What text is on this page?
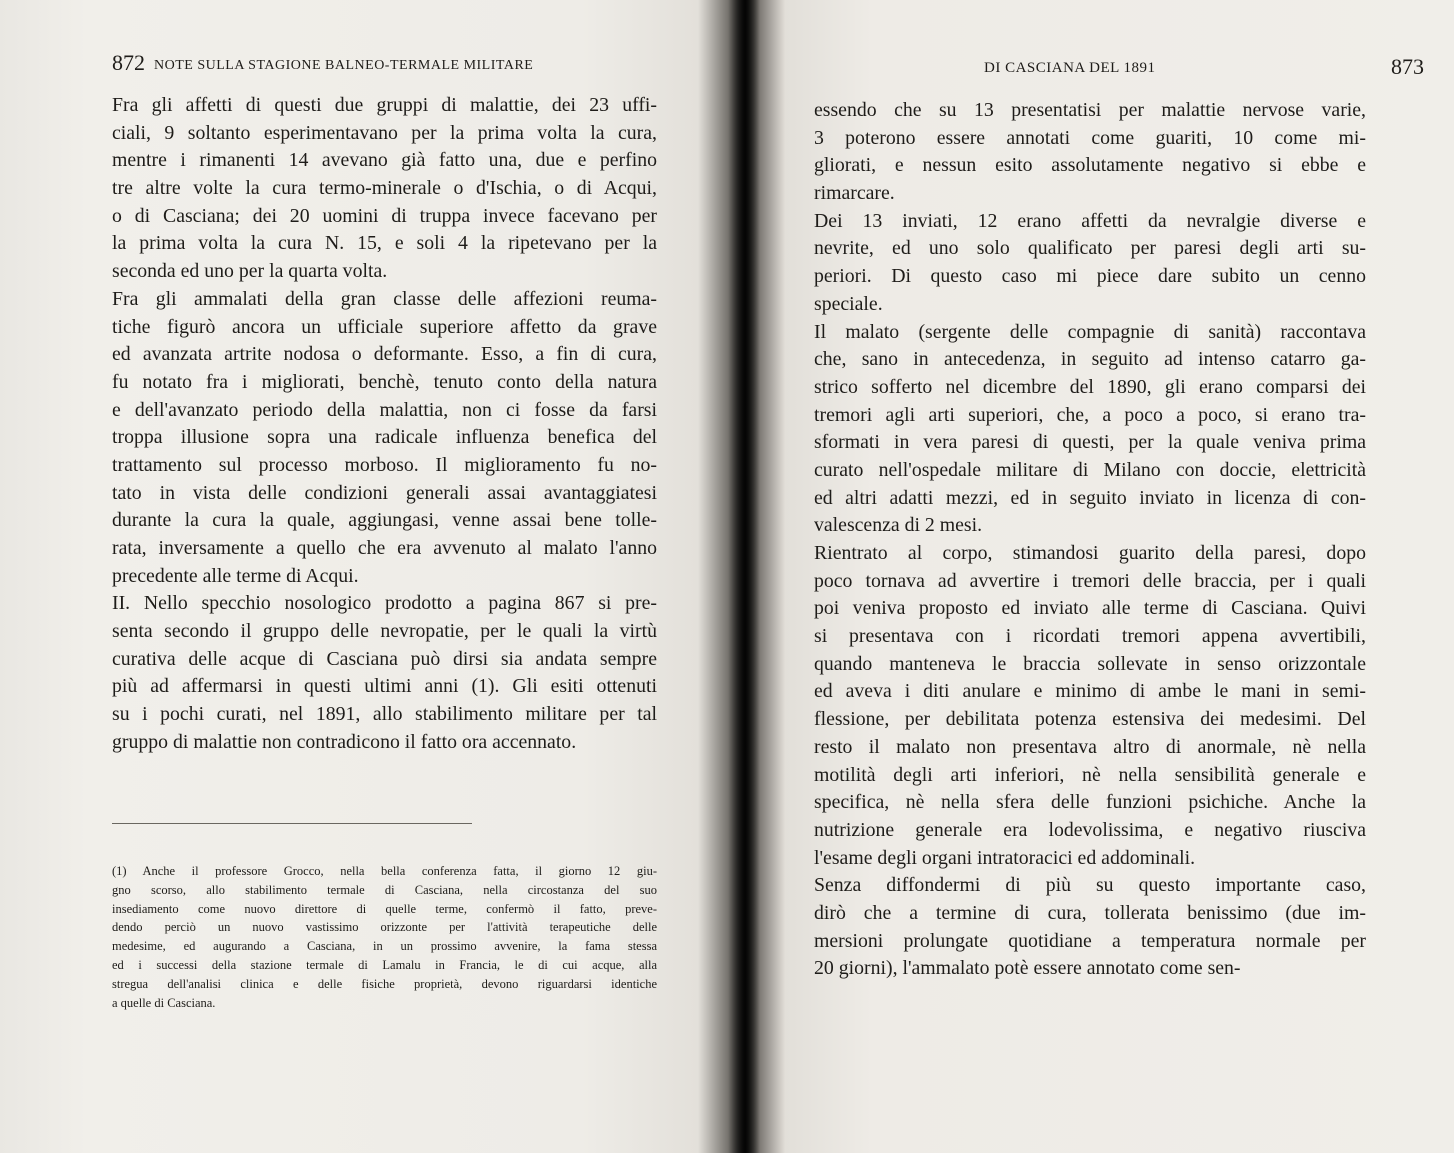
872 NOTE SULLA STAGIONE BALNEO-TERMALE MILITARE
Fra gli affetti di questi due gruppi di malattie, dei 23 uffi-
ciali, 9 soltanto esperimentavano per la prima volta la cura,
mentre i rimanenti 14 avevano già fatto una, due e perfino
tre altre volte la cura termo-minerale o d'Ischia, o di Acqui,
o di Casciana; dei 20 uomini di truppa invece facevano per
la prima volta la cura N. 15, e soli 4 la ripetevano per la
seconda ed uno per la quarta volta.
Fra gli ammalati della gran classe delle affezioni reuma-
tiche figurò ancora un ufficiale superiore affetto da grave
ed avanzata artrite nodosa o deformante. Esso, a fin di cura,
fu notato fra i migliorati, benchè, tenuto conto della natura
e dell'avanzato periodo della malattia, non ci fosse da farsi
troppa illusione sopra una radicale influenza benefica del
trattamento sul processo morboso. Il miglioramento fu no-
tato in vista delle condizioni generali assai avantaggiatesi
durante la cura la quale, aggiungasi, venne assai bene tolle-
rata, inversamente a quello che era avvenuto al malato l'anno
precedente alle terme di Acqui.
II. Nello specchio nosologico prodotto a pagina 867 si pre-
senta secondo il gruppo delle nevropatie, per le quali la virtù
curativa delle acque di Casciana può dirsi sia andata sempre
più ad affermarsi in questi ultimi anni (1). Gli esiti ottenuti
su i pochi curati, nel 1891, allo stabilimento militare per tal
gruppo di malattie non contradicono il fatto ora accennato.
(1) Anche il professore Grocco, nella bella conferenza fatta, il giorno 12 giu-
gno scorso, allo stabilimento termale di Casciana, nella circostanza del suo
insediamento come nuovo direttore di quelle terme, confermò il fatto, preve-
dendo perciò un nuovo vastissimo orizzonte per l'attività terapeutiche delle
medesime, ed augurando a Casciana, in un prossimo avvenire, la fama stessa
ed i successi della stazione termale di Lamalu in Francia, le di cui acque, alla
stregua dell'analisi clinica e delle fisiche proprietà, devono riguardarsi identiche
a quelle di Casciana.
DI CASCIANA DEL 1891	873
essendo che su 13 presentatisi per malattie nervose varie,
3 poterono essere annotati come guariti, 10 come mi-
gliorati, e nessun esito assolutamente negativo si ebbe e
rimarcare.
Dei 13 inviati, 12 erano affetti da nevralgie diverse e
nevrite, ed uno solo qualificato per paresi degli arti su-
periori. Di questo caso mi piece dare subito un cenno
speciale.
Il malato (sergente delle compagnie di sanità) raccontava
che, sano in antecedenza, in seguito ad intenso catarro ga-
strico sofferto nel dicembre del 1890, gli erano comparsi dei
tremori agli arti superiori, che, a poco a poco, si erano tra-
sformati in vera paresi di questi, per la quale veniva prima
curato nell'ospedale militare di Milano con doccie, elettricità
ed altri adatti mezzi, ed in seguito inviato in licenza di con-
valescenza di 2 mesi.
Rientrato al corpo, stimandosi guarito della paresi, dopo
poco tornava ad avvertire i tremori delle braccia, per i quali
poi veniva proposto ed inviato alle terme di Casciana. Quivi
si presentava con i ricordati tremori appena avvertibili,
quando manteneva le braccia sollevate in senso orizzontale
ed aveva i diti anulare e minimo di ambe le mani in semi-
flessione, per debilitata potenza estensiva dei medesimi. Del
resto il malato non presentava altro di anormale, nè nella
motilità degli arti inferiori, nè nella sensibilità generale e
specifica, nè nella sfera delle funzioni psichiche. Anche la
nutrizione generale era lodevolissima, e negativo riusciva
l'esame degli organi intratoracici ed addominali.
Senza diffondermi di più su questo importante caso,
dirò che a termine di cura, tollerata benissimo (due im-
mersioni prolungate quotidiane a temperatura normale per
20 giorni), l'ammalato potè essere annotato come sen-
